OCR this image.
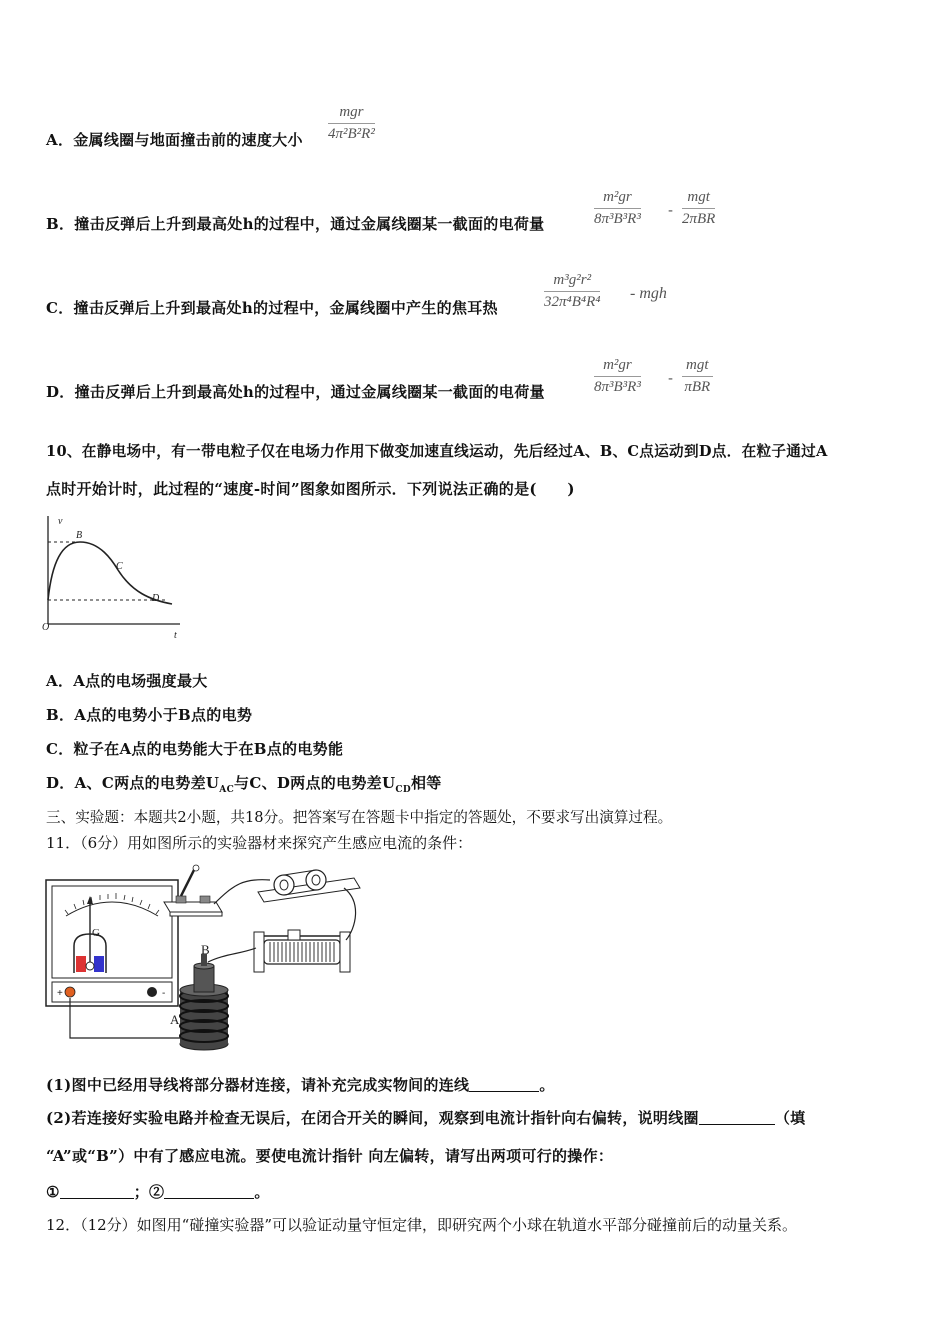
A．金属线圈与地面撞击前的速度大小
mgr
4π²B²R²
B．撞击反弹后上升到最高处h的过程中，通过金属线圈某一截面的电荷量	$\frac{\text{m²gr}}{\text{8π³B³R³}}$ -
mgt
2πBR
C．撞击反弹后上升到最高处h的过程中，金属线圈中产生的焦耳热	$\frac{\text{m³g²r²}}{\text{32π⁴B⁴R⁴}}$ - mgh
D．撞击反弹后上升到最高处h的过程中，通过金属线圈某一截面的电荷量	$\frac{\text{m²gr}}{\text{8π³B³R³}}$ -
mgt
πBR
10、在静电场中，有一带电粒子仅在电场力作用下做变加速直线运动，先后经过A、B、C点运动到D点．在粒子通过A
点时开始计时，此过程的“速度-时间”图象如图所示．下列说法正确的是(　　)
v
t
B
C
D
O
A．A点的电场强度最大
B．A点的电势小于B点的电势
C．粒子在A点的电势能大于在B点的电势能
D．A、C两点的电势差$U_{AC}$与C、D两点的电势差$U_{CD}$相等
三、实验题：本题共2小题，共18分。把答案写在答题卡中指定的答题处，不要求写出演算过程。
11．（6分）用如图所示的实验器材来探究产生感应电流的条件：
G
+	-
B
A
(1)图中已经用导线将部分器材连接，请补充完成实物间的连线	。
(2)若连接好实验电路并检查无误后，在闭合开关的瞬间，观察到电流计指针向右偏转，说明线圈	（填
“A”或“B”）中有了感应电流。要使电流计指针 向左偏转，请写出两项可行的操作：
①	；②	。
12．（12分）如图用“碰撞实验器”可以验证动量守恒定律，即研究两个小球在轨道水平部分碰撞前后的动量关系。
